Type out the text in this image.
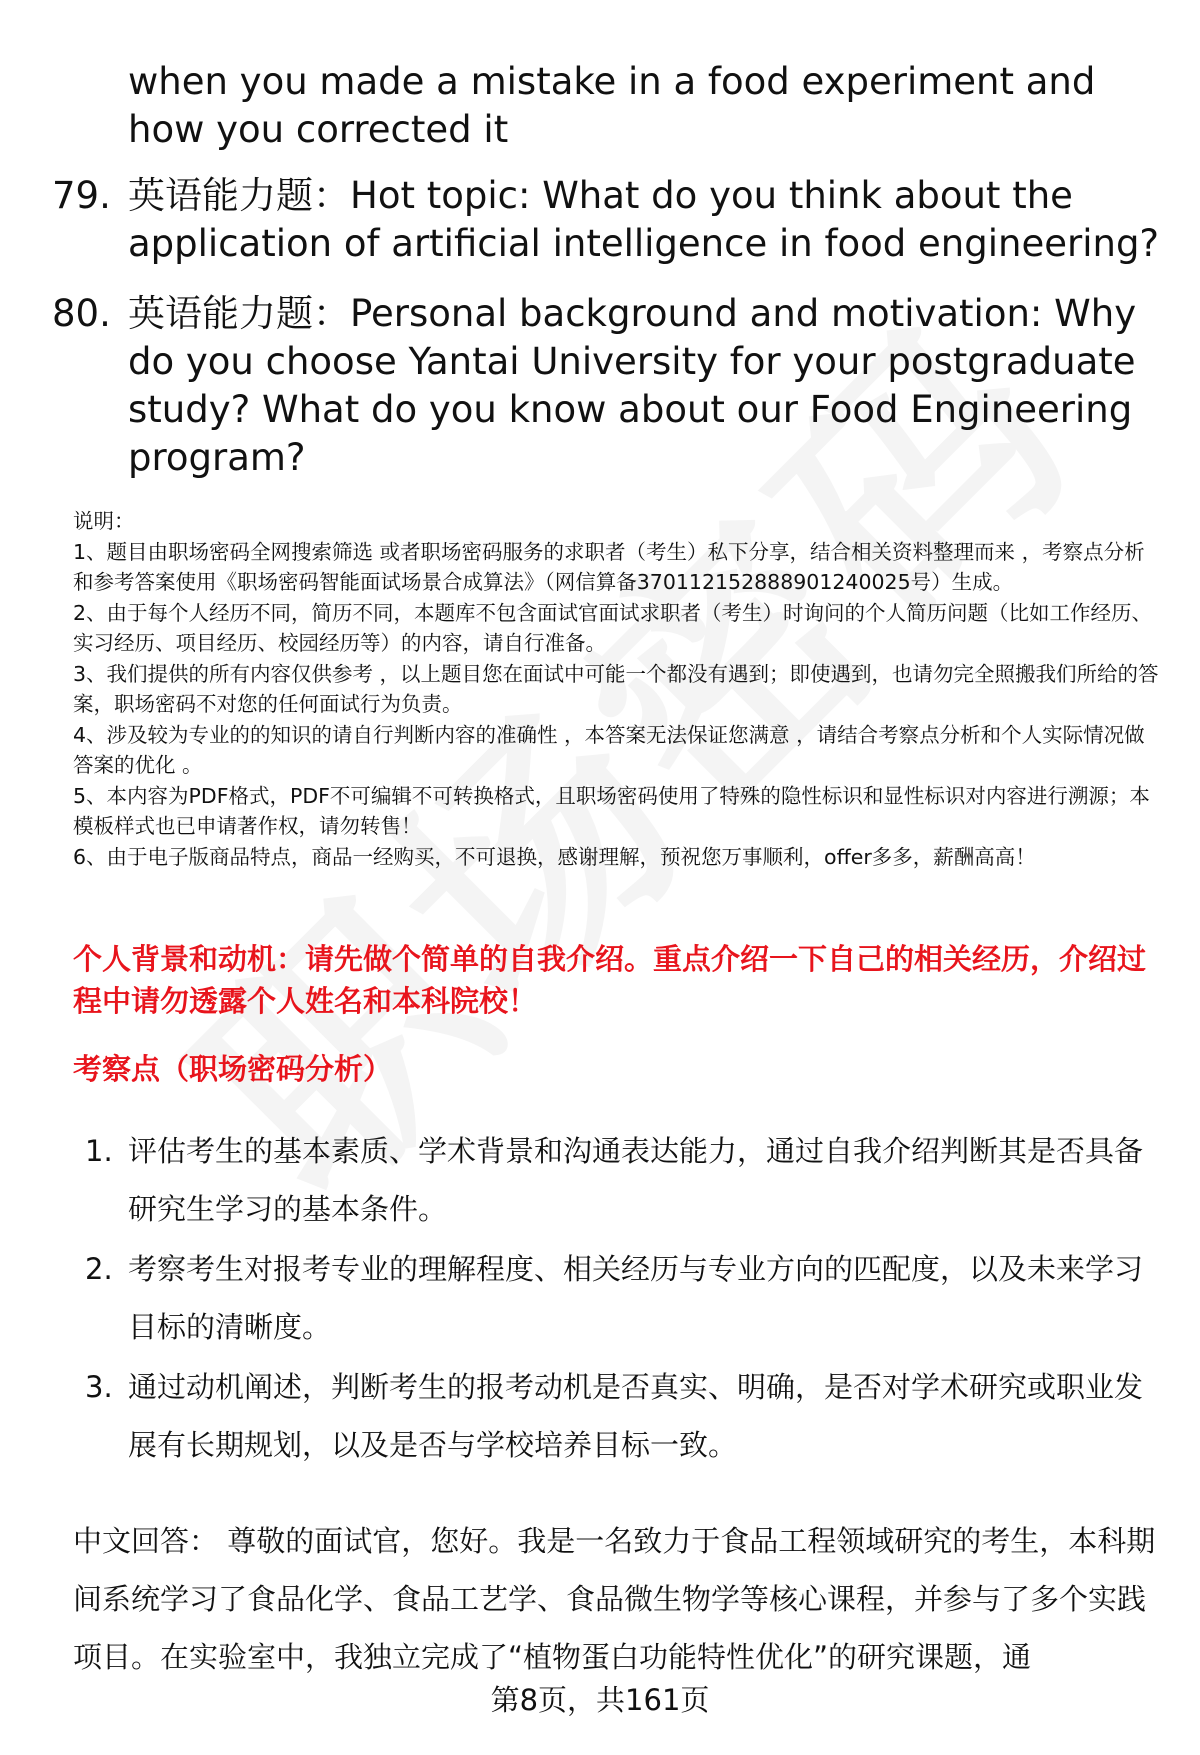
when you made a mistake in a food experiment and how you corrected it
79. 英语能力题：Hot topic: What do you think about the application of artificial intelligence in food engineering?
80. 英语能力题：Personal background and motivation: Why do you choose Yantai University for your postgraduate study? What do you know about our Food Engineering program?

说明：

1、题目由职场密码全网搜索筛选 或者职场密码服务的求职者（考生）私下分享，结合相关资料整理而来 ，考察点分析和参考答案使用《职场密码智能面试场景合成算法》（网信算备370112152888901240025号）生成。

2、由于每个人经历不同，简历不同，本题库不包含面试官面试求职者（考生）时询问的个人简历问题（比如工作经历、实习经历、项目经历、校园经历等）的内容，请自行准备。

3、我们提供的所有内容仅供参考 ，以上题目您在面试中可能一个都没有遇到；即使遇到，也请勿完全照搬我们所给的答案，职场密码不对您的任何面试行为负责。

4、涉及较为专业的的知识的请自行判断内容的准确性 ，本答案无法保证您满意 ，请结合考察点分析和个人实际情况做答案的优化 。

5、本内容为PDF格式，PDF不可编辑不可转换格式，且职场密码使用了特殊的隐性标识和显性标识对内容进行溯源；本模板样式也已申请著作权，请勿转售！

6、由于电子版商品特点，商品一经购买，不可退换，感谢理解，预祝您万事顺利，offer多多，薪酬高高！

个人背景和动机：请先做个简单的自我介绍。重点介绍一下自己的相关经历，介绍过程中请勿透露个人姓名和本科院校！
考察点（职场密码分析）
1. 评估考生的基本素质、学术背景和沟通表达能力，通过自我介绍判断其是否具备研究生学习的基本条件。
2. 考察考生对报考专业的理解程度、相关经历与专业方向的匹配度，以及未来学习目标的清晰度。
3. 通过动机阐述，判断考生的报考动机是否真实、明确，是否对学术研究或职业发展有长期规划，以及是否与学校培养目标一致。
中文回答： 尊敬的面试官，您好。我是一名致力于食品工程领域研究的考生，本科期间系统学习了食品化学、食品工艺学、食品微生物学等核心课程，并参与了多个实践项目。在实验室中，我独立完成了“植物蛋白功能特性优化”的研究课题，通
第8页，共161页
